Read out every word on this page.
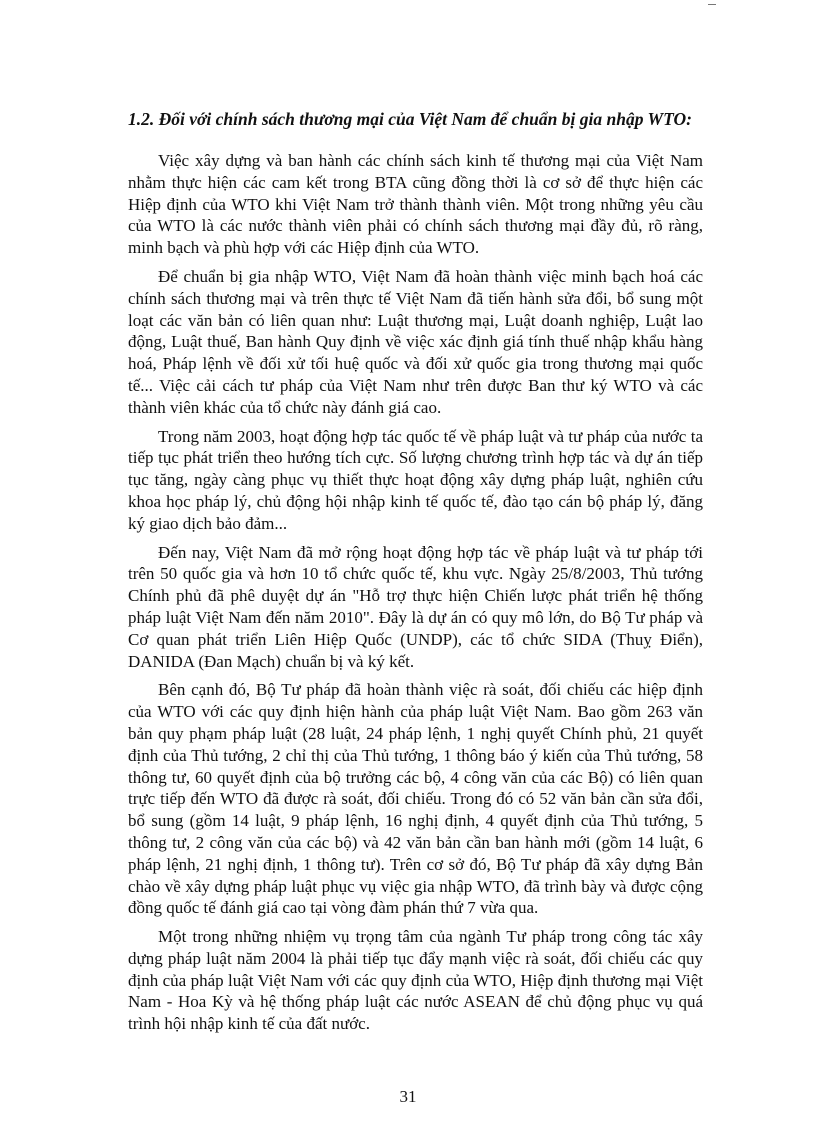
1.2. Đối với chính sách thương mại của Việt Nam để chuẩn bị gia nhập WTO:

Việc xây dựng và ban hành các chính sách kinh tế thương mại của Việt Nam nhằm thực hiện các cam kết trong BTA cũng đồng thời là cơ sở để thực hiện các Hiệp định của WTO khi Việt Nam trở thành thành viên. Một trong những yêu cầu của WTO là các nước thành viên phải có chính sách thương mại đầy đủ, rõ ràng, minh bạch và phù hợp với các Hiệp định của WTO.

Để chuẩn bị gia nhập WTO, Việt Nam đã hoàn thành việc minh bạch hoá các chính sách thương mại và trên thực tế Việt Nam đã tiến hành sửa đổi, bổ sung một loạt các văn bản có liên quan như: Luật thương mại, Luật doanh nghiệp, Luật lao động, Luật thuế, Ban hành Quy định về việc xác định giá tính thuế nhập khẩu hàng hoá, Pháp lệnh về đối xử tối huệ quốc và đối xử quốc gia trong thương mại quốc tế... Việc cải cách tư pháp của Việt Nam như trên được Ban thư ký WTO và các thành viên khác của tổ chức này đánh giá cao.

Trong năm 2003, hoạt động hợp tác quốc tế về pháp luật và tư pháp của nước ta tiếp tục phát triển theo hướng tích cực. Số lượng chương trình hợp tác và dự án tiếp tục tăng, ngày càng phục vụ thiết thực hoạt động xây dựng pháp luật, nghiên cứu khoa học pháp lý, chủ động hội nhập kinh tế quốc tế, đào tạo cán bộ pháp lý, đăng ký giao dịch bảo đảm...

Đến nay, Việt Nam đã mở rộng hoạt động hợp tác về pháp luật và tư pháp tới trên 50 quốc gia và hơn 10 tổ chức quốc tế, khu vực. Ngày 25/8/2003, Thủ tướng Chính phủ đã phê duyệt dự án "Hỗ trợ thực hiện Chiến lược phát triển hệ thống pháp luật Việt Nam đến năm 2010". Đây là dự án có quy mô lớn, do Bộ Tư pháp và Cơ quan phát triển Liên Hiệp Quốc (UNDP), các tổ chức SIDA (Thuỵ Điển), DANIDA (Đan Mạch) chuẩn bị và ký kết.

Bên cạnh đó, Bộ Tư pháp đã hoàn thành việc rà soát, đối chiếu các hiệp định của WTO với các quy định hiện hành của pháp luật Việt Nam. Bao gồm 263 văn bản quy phạm pháp luật (28 luật, 24 pháp lệnh, 1 nghị quyết Chính phủ, 21 quyết định của Thủ tướng, 2 chỉ thị của Thủ tướng, 1 thông báo ý kiến của Thủ tướng, 58 thông tư, 60 quyết định của bộ trưởng các bộ, 4 công văn của các Bộ) có liên quan trực tiếp đến WTO đã được rà soát, đối chiếu. Trong đó có 52 văn bản cần sửa đổi, bổ sung (gồm 14 luật, 9 pháp lệnh, 16 nghị định, 4 quyết định của Thủ tướng, 5 thông tư, 2 công văn của các bộ) và 42 văn bản cần ban hành mới (gồm 14 luật, 6 pháp lệnh, 21 nghị định, 1 thông tư). Trên cơ sở đó, Bộ Tư pháp đã xây dựng Bản chào về xây dựng pháp luật phục vụ việc gia nhập WTO, đã trình bày và được cộng đồng quốc tế đánh giá cao tại vòng đàm phán thứ 7 vừa qua.

Một trong những nhiệm vụ trọng tâm của ngành Tư pháp trong công tác xây dựng pháp luật năm 2004 là phải tiếp tục đẩy mạnh việc rà soát, đối chiếu các quy định của pháp luật Việt Nam với các quy định của WTO, Hiệp định thương mại Việt Nam - Hoa Kỳ và hệ thống pháp luật các nước ASEAN để chủ động phục vụ quá trình hội nhập kinh tế của đất nước.

31
